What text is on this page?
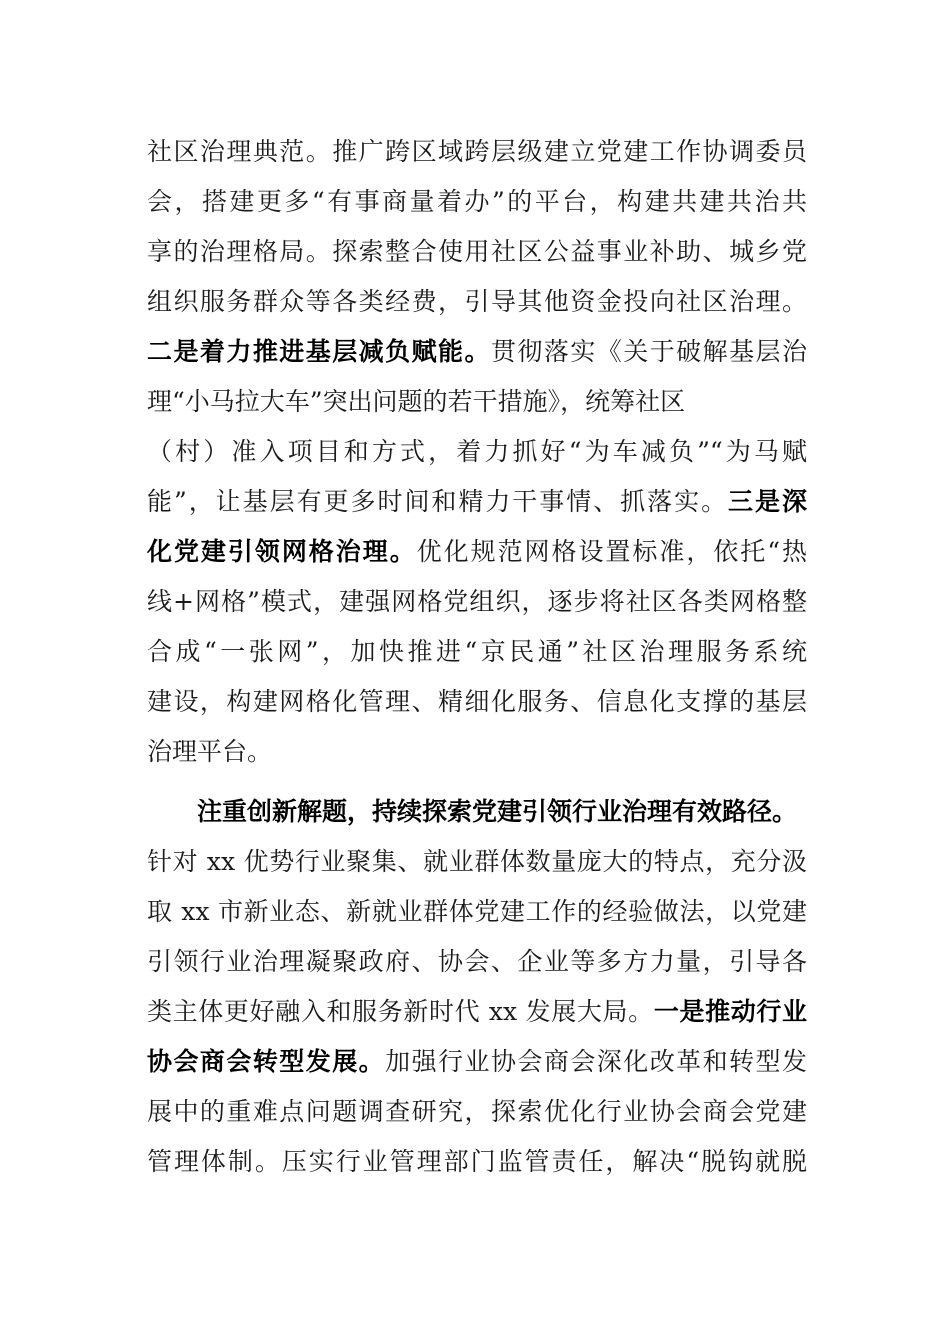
社区治理典范。推广跨区域跨层级建立党建工作协调委员
会，搭建更多“有事商量着办”的平台，构建共建共治共
享的治理格局。探索整合使用社区公益事业补助、城乡党
组织服务群众等各类经费，引导其他资金投向社区治理。
二是着力推进基层减负赋能。贯彻落实《关于破解基层治
理“小马拉大车”突出问题的若干措施》，统筹社区
（村）准入项目和方式，着力抓好“为车减负”“为马赋
能”，让基层有更多时间和精力干事情、抓落实。三是深
化党建引领网格治理。优化规范网格设置标准，依托“热
线+网格”模式，建强网格党组织，逐步将社区各类网格整
合成“一张网”，加快推进“京民通”社区治理服务系统
建设，构建网格化管理、精细化服务、信息化支撑的基层
治理平台。
注重创新解题，持续探索党建引领行业治理有效路径。
针对 xx 优势行业聚集、就业群体数量庞大的特点，充分汲
取 xx 市新业态、新就业群体党建工作的经验做法，以党建
引领行业治理凝聚政府、协会、企业等多方力量，引导各
类主体更好融入和服务新时代 xx 发展大局。一是推动行业
协会商会转型发展。加强行业协会商会深化改革和转型发
展中的重难点问题调查研究，探索优化行业协会商会党建
管理体制。压实行业管理部门监管责任，解决“脱钩就脱
